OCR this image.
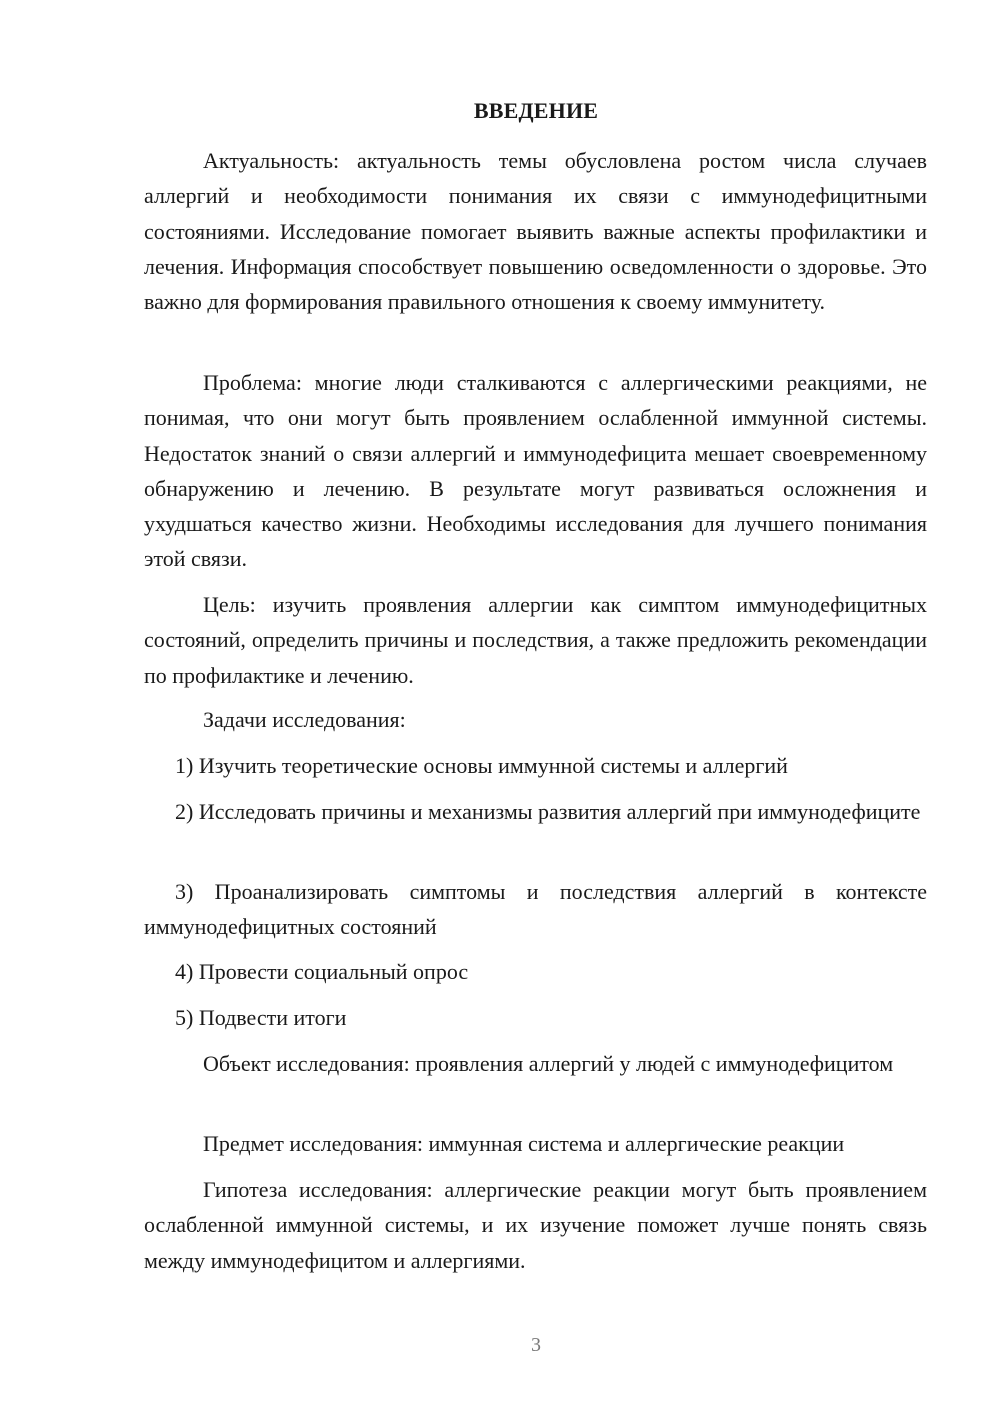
ВВЕДЕНИЕ

Актуальность: актуальность темы обусловлена ростом числа случаев аллергий и необходимости понимания их связи с иммунодефицитными состояниями. Исследование помогает выявить важные аспекты профилактики и лечения. Информация способствует повышению осведомленности о здоровье. Это важно для формирования правильного отношения к своему иммунитету.

Проблема: многие люди сталкиваются с аллергическими реакциями, не понимая, что они могут быть проявлением ослабленной иммунной системы. Недостаток знаний о связи аллергий и иммунодефицита мешает своевременному обнаружению и лечению. В результате могут развиваться осложнения и ухудшаться качество жизни. Необходимы исследования для лучшего понимания этой связи.

Цель: изучить проявления аллергии как симптом иммунодефицитных состояний, определить причины и последствия, а также предложить рекомендации по профилактике и лечению.

Задачи исследования:

1) Изучить теоретические основы иммунной системы и аллергий

2) Исследовать причины и механизмы развития аллергий при иммунодефиците

3) Проанализировать симптомы и последствия аллергий в контексте иммунодефицитных состояний

4) Провести социальный опрос

5) Подвести итоги

Объект исследования: проявления аллергий у людей с иммунодефицитом

Предмет исследования: иммунная система и аллергические реакции

Гипотеза исследования: аллергические реакции могут быть проявлением ослабленной иммунной системы, и их изучение поможет лучше понять связь между иммунодефицитом и аллергиями.

3
